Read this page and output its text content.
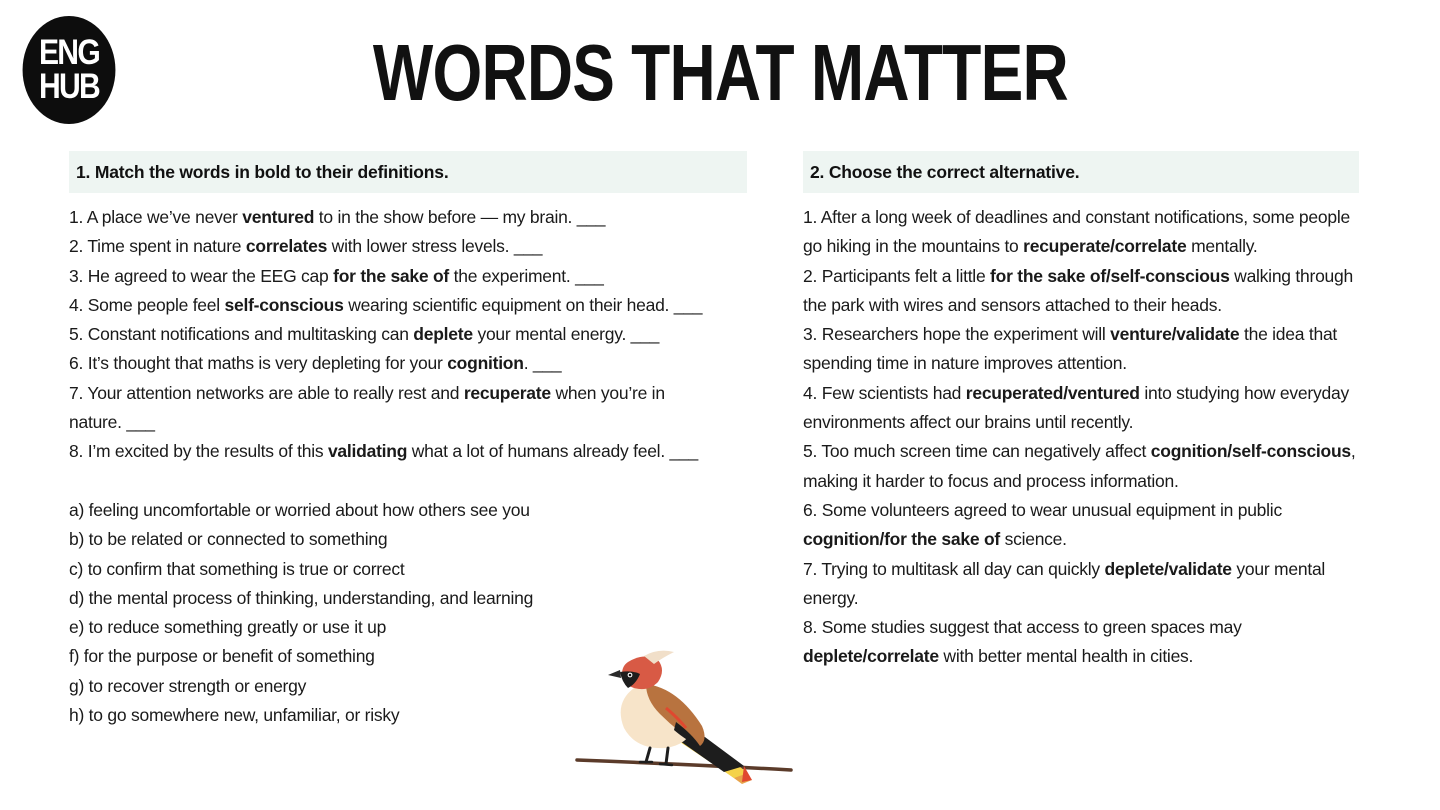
ENG
HUB	WORDS THAT MATTER
1. Match the words in bold to their definitions.
1. A place we’ve never ventured to in the show before — my brain. ___
2. Time spent in nature correlates with lower stress levels. ___
3. He agreed to wear the EEG cap for the sake of the experiment. ___
4. Some people feel self-conscious wearing scientific equipment on their head. ___
5. Constant notifications and multitasking can deplete your mental energy. ___
6. It’s thought that maths is very depleting for your cognition. ___
7. Your attention networks are able to really rest and recuperate when you’re in nature. ___
8. I’m excited by the results of this validating what a lot of humans already feel. ___
a) feeling uncomfortable or worried about how others see you
b) to be related or connected to something
c) to confirm that something is true or correct
d) the mental process of thinking, understanding, and learning
e) to reduce something greatly or use it up
f) for the purpose or benefit of something
g) to recover strength or energy
h) to go somewhere new, unfamiliar, or risky
2. Choose the correct alternative.
1. After a long week of deadlines and constant notifications, some people go hiking in the mountains to recuperate/correlate mentally.
2. Participants felt a little for the sake of/self-conscious walking through the park with wires and sensors attached to their heads.
3. Researchers hope the experiment will venture/validate the idea that spending time in nature improves attention.
4. Few scientists had recuperated/ventured into studying how everyday environments affect our brains until recently.
5. Too much screen time can negatively affect cognition/self-conscious, making it harder to focus and process information.
6. Some volunteers agreed to wear unusual equipment in public cognition/for the sake of science.
7. Trying to multitask all day can quickly deplete/validate your mental energy.
8. Some studies suggest that access to green spaces may deplete/correlate with better mental health in cities.
